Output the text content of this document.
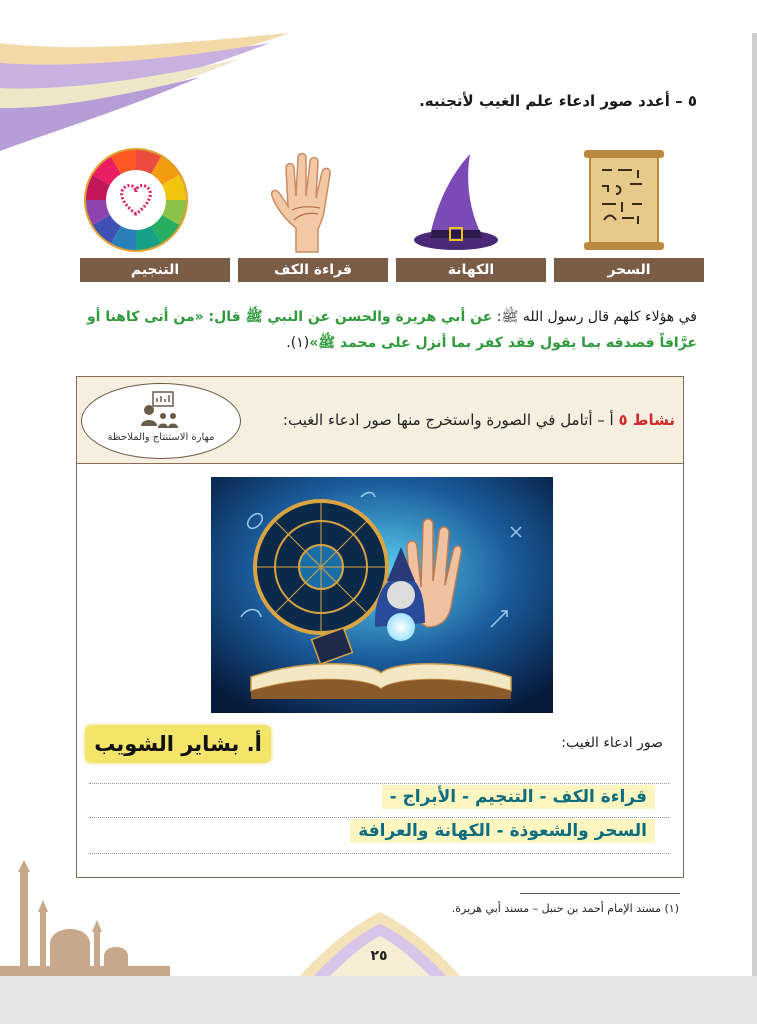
٥ – أعدد صور ادعاء علم الغيب لأتجنبه.
التنجيم	قراءة الكف	الكهانة	السحر
في هؤلاء كلهم قال رسول الله ﷺ: عن أبي هريرة والحسن عن النبي ﷺ قال: «من أتى كاهنا أو عرَّافاً فصدقه بما يقول فقد كفر بما أنزل على محمد ﷺ»(١).
مهارة الاستنتاج والملاحظة
نشاط ٥ أ – أتامل في الصورة واستخرج منها صور ادعاء الغيب:
صور ادعاء الغيب:
أ. بشاير الشويب
قراءة الكف - التنجيم - الأبراج -
السحر والشعوذة - الكهانة والعرافة
(١) مسند الإمام أحمد بن حنبل – مسند أبي هريرة.
٢٥
